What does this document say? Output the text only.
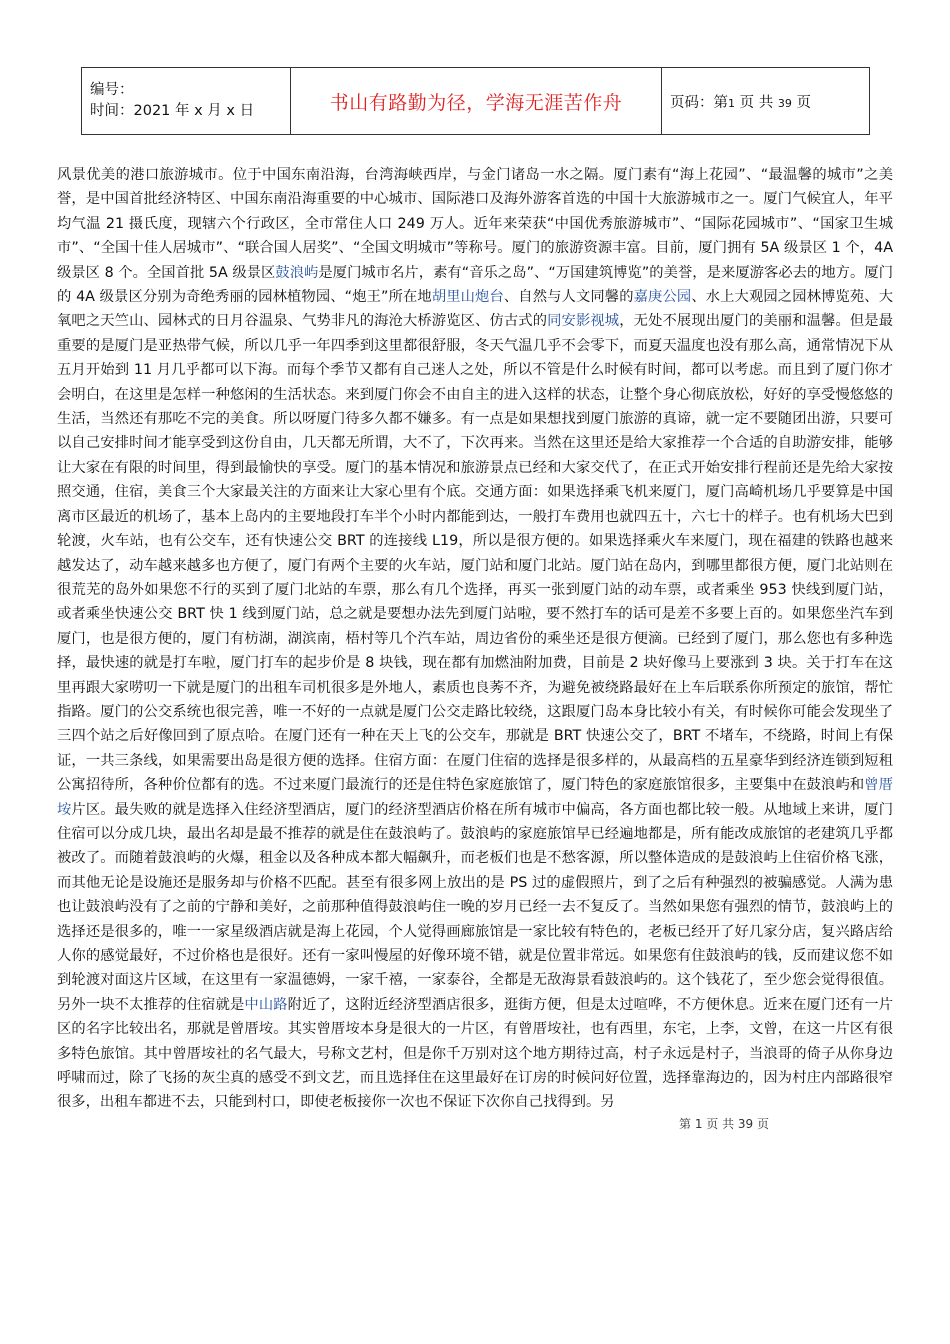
编号：
时间：2021 年 x 月 x 日	书山有路勤为径，学海无涯苦作舟	页码：第1 页 共 39 页

风景优美的港口旅游城市。位于中国东南沿海，台湾海峡西岸，与金门诸岛一水之隔。厦门素有“海上花园”、“最温馨的城市”之美誉，是中国首批经济特区、中国东南沿海重要的中心城市、国际港口及海外游客首选的中国十大旅游城市之一。厦门气候宜人，年平均气温 21 摄氏度，现辖六个行政区，全市常住人口 249 万人。近年来荣获“中国优秀旅游城市”、“国际花园城市”、“国家卫生城市”、“全国十佳人居城市”、“联合国人居奖”、“全国文明城市”等称号。厦门的旅游资源丰富。目前，厦门拥有 5A 级景区 1 个，4A 级景区 8 个。全国首批 5A 级景区鼓浪屿是厦门城市名片，素有“音乐之岛”、“万国建筑博览”的美誉，是来厦游客必去的地方。厦门的 4A 级景区分别为奇绝秀丽的园林植物园、“炮王”所在地胡里山炮台、自然与人文同馨的嘉庚公园、水上大观园之园林博览苑、大氧吧之天竺山、园林式的日月谷温泉、气势非凡的海沧大桥游览区、仿古式的同安影视城，无处不展现出厦门的美丽和温馨。但是最重要的是厦门是亚热带气候，所以几乎一年四季到这里都很舒服，冬天气温几乎不会零下，而夏天温度也没有那么高，通常情况下从五月开始到 11 月几乎都可以下海。而每个季节又都有自己迷人之处，所以不管是什么时候有时间，都可以考虑。而且到了厦门你才会明白，在这里是怎样一种悠闲的生活状态。来到厦门你会不由自主的进入这样的状态，让整个身心彻底放松，好好的享受慢悠悠的生活，当然还有那吃不完的美食。所以呀厦门待多久都不嫌多。有一点是如果想找到厦门旅游的真谛，就一定不要随团出游，只要可以自己安排时间才能享受到这份自由，几天都无所谓，大不了，下次再来。当然在这里还是给大家推荐一个合适的自助游安排，能够让大家在有限的时间里，得到最愉快的享受。厦门的基本情况和旅游景点已经和大家交代了，在正式开始安排行程前还是先给大家按照交通，住宿，美食三个大家最关注的方面来让大家心里有个底。交通方面：如果选择乘飞机来厦门，厦门高崎机场几乎要算是中国离市区最近的机场了，基本上岛内的主要地段打车半个小时内都能到达，一般打车费用也就四五十，六七十的样子。也有机场大巴到轮渡，火车站，也有公交车，还有快速公交 BRT 的连接线 L19，所以是很方便的。如果选择乘火车来厦门，现在福建的铁路也越来越发达了，动车越来越多也方便了，厦门有两个主要的火车站，厦门站和厦门北站。厦门站在岛内，到哪里都很方便，厦门北站则在很荒芜的岛外如果您不行的买到了厦门北站的车票，那么有几个选择，再买一张到厦门站的动车票，或者乘坐 953 快线到厦门站，或者乘坐快速公交 BRT 快 1 线到厦门站，总之就是要想办法先到厦门站啦，要不然打车的话可是差不多要上百的。如果您坐汽车到厦门，也是很方便的，厦门有枋湖，湖滨南，梧村等几个汽车站，周边省份的乘坐还是很方便滴。已经到了厦门，那么您也有多种选择，最快速的就是打车啦，厦门打车的起步价是 8 块钱，现在都有加燃油附加费，目前是 2 块好像马上要涨到 3 块。关于打车在这里再跟大家唠叨一下就是厦门的出租车司机很多是外地人，素质也良莠不齐，为避免被绕路最好在上车后联系你所预定的旅馆，帮忙指路。厦门的公交系统也很完善，唯一不好的一点就是厦门公交走路比较绕，这跟厦门岛本身比较小有关，有时候你可能会发现坐了三四个站之后好像回到了原点哈。在厦门还有一种在天上飞的公交车，那就是 BRT 快速公交了，BRT 不堵车，不绕路，时间上有保证，一共三条线，如果需要出岛是很方便的选择。住宿方面：在厦门住宿的选择是很多样的，从最高档的五星豪华到经济连锁到短租公寓招待所，各种价位都有的选。不过来厦门最流行的还是住特色家庭旅馆了，厦门特色的家庭旅馆很多，主要集中在鼓浪屿和曾厝垵片区。最失败的就是选择入住经济型酒店，厦门的经济型酒店价格在所有城市中偏高，各方面也都比较一般。从地域上来讲，厦门住宿可以分成几块，最出名却是最不推荐的就是住在鼓浪屿了。鼓浪屿的家庭旅馆早已经遍地都是，所有能改成旅馆的老建筑几乎都被改了。而随着鼓浪屿的火爆，租金以及各种成本都大幅飙升，而老板们也是不愁客源，所以整体造成的是鼓浪屿上住宿价格飞涨，而其他无论是设施还是服务却与价格不匹配。甚至有很多网上放出的是 PS 过的虚假照片，到了之后有种强烈的被骗感觉。人满为患也让鼓浪屿没有了之前的宁静和美好，之前那种值得鼓浪屿住一晚的岁月已经一去不复反了。当然如果您有强烈的情节，鼓浪屿上的选择还是很多的，唯一一家星级酒店就是海上花园，个人觉得画廊旅馆是一家比较有特色的，老板已经开了好几家分店，复兴路店给人你的感觉最好，不过价格也是很好。还有一家叫慢屋的好像环境不错，就是位置非常远。如果您有住鼓浪屿的钱，反而建议您不如到轮渡对面这片区域，在这里有一家温德姆，一家千禧，一家泰谷，全都是无敌海景看鼓浪屿的。这个钱花了，至少您会觉得很值。另外一块不太推荐的住宿就是中山路附近了，这附近经济型酒店很多，逛街方便，但是太过喧哗，不方便休息。近来在厦门还有一片区的名字比较出名，那就是曾厝垵。其实曾厝垵本身是很大的一片区，有曾厝垵社，也有西里，东宅，上李，文曾，在这一片区有很多特色旅馆。其中曾厝垵社的名气最大，号称文艺村，但是你千万别对这个地方期待过高，村子永远是村子，当浪哥的倚子从你身边呼啸而过，除了飞扬的灰尘真的感受不到文艺，而且选择住在这里最好在订房的时候问好位置，选择靠海边的，因为村庄内部路很窄很多，出租车都进不去，只能到村口，即使老板接你一次也不保证下次你自己找得到。另

第 1 页 共 39 页
